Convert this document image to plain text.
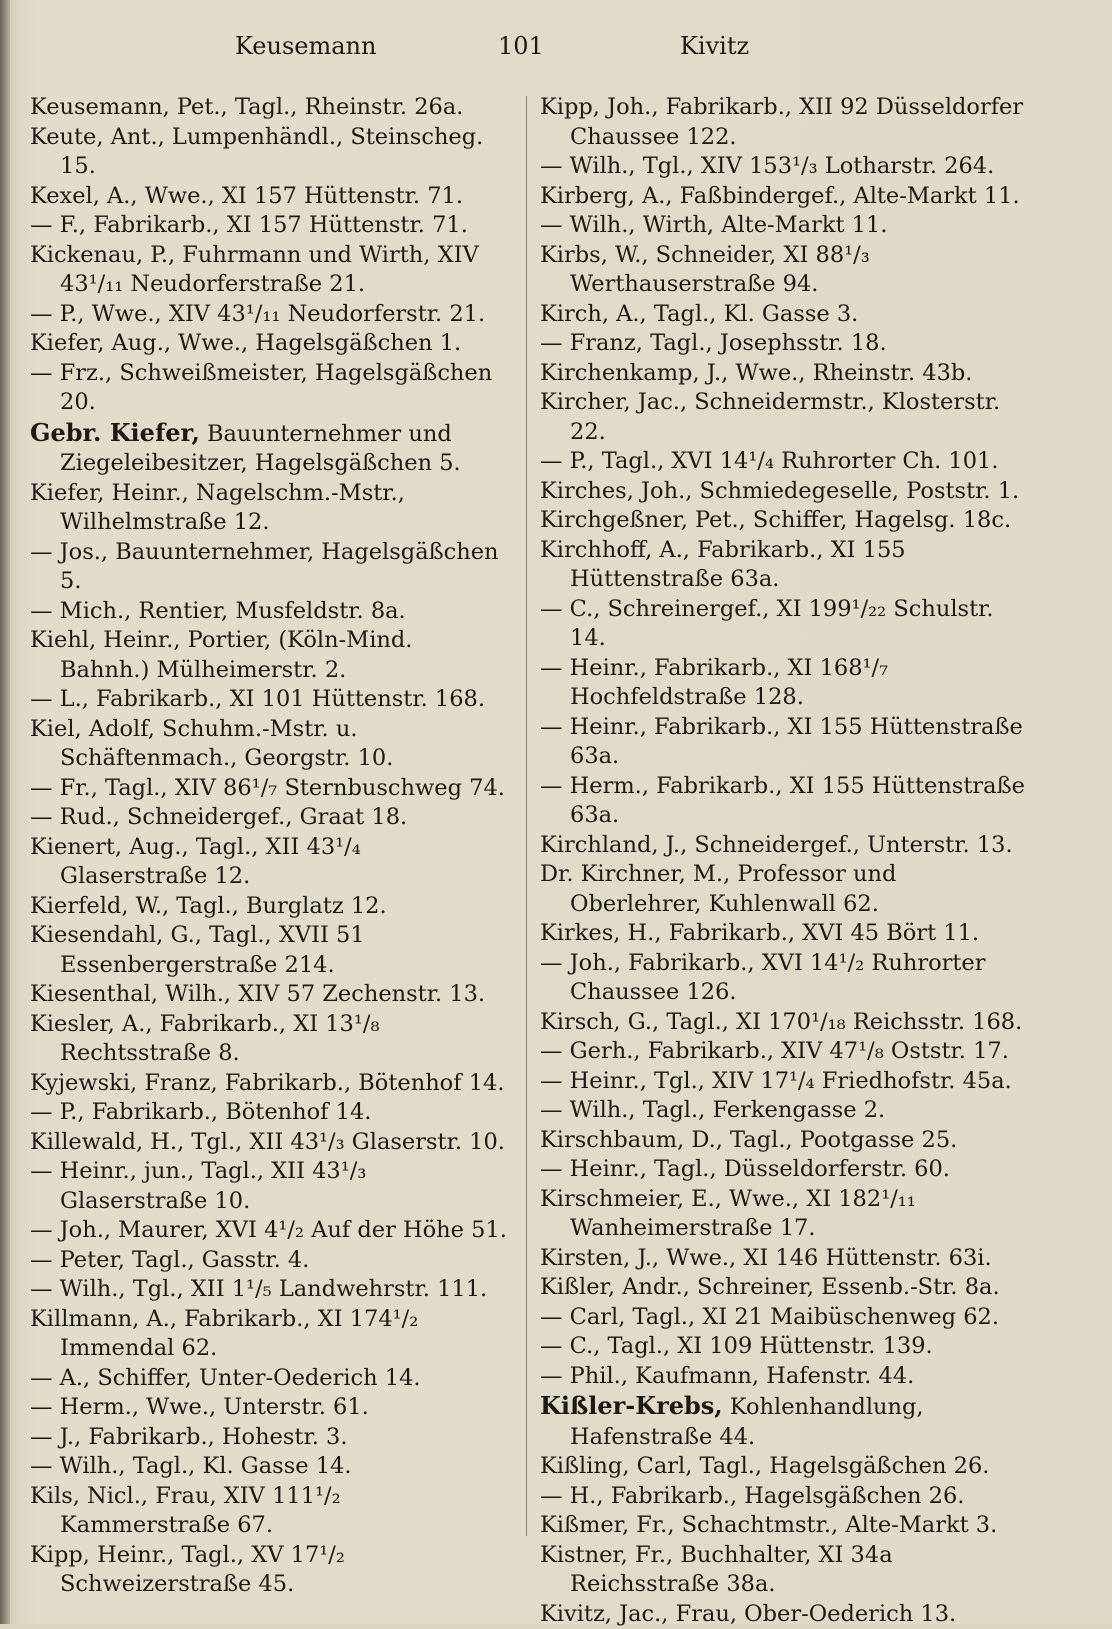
Keusemann	101	Kivitz

Keusemann, Pet., Tagl., Rheinstr. 26a.

Keute, Ant., Lumpenhändl., Steinscheg. 15.

Kexel, A., Wwe., XI 157 Hüttenstr. 71.

— F., Fabrikarb., XI 157 Hüttenstr. 71.

Kickenau, P., Fuhrmann und Wirth, XIV 43¹/₁₁ Neudorferstraße 21.

— P., Wwe., XIV 43¹/₁₁ Neudorferstr. 21.

Kiefer, Aug., Wwe., Hagelsgäßchen 1.

— Frz., Schweißmeister, Hagelsgäßchen 20.

Gebr. Kiefer, Bauunternehmer und Ziegeleibesitzer, Hagelsgäßchen 5.

Kiefer, Heinr., Nagelschm.-Mstr., Wilhelmstraße 12.

— Jos., Bauunternehmer, Hagelsgäßchen 5.

— Mich., Rentier, Musfeldstr. 8a.

Kiehl, Heinr., Portier, (Köln-Mind. Bahnh.) Mülheimerstr. 2.

— L., Fabrikarb., XI 101 Hüttenstr. 168.

Kiel, Adolf, Schuhm.-Mstr. u. Schäftenmach., Georgstr. 10.

— Fr., Tagl., XIV 86¹/₇ Sternbuschweg 74.

— Rud., Schneidergef., Graat 18.

Kienert, Aug., Tagl., XII 43¹/₄ Glaserstraße 12.

Kierfeld, W., Tagl., Burglatz 12.

Kiesendahl, G., Tagl., XVII 51 Essenbergerstraße 214.

Kiesenthal, Wilh., XIV 57 Zechenstr. 13.

Kiesler, A., Fabrikarb., XI 13¹/₈ Rechtsstraße 8.

Kyjewski, Franz, Fabrikarb., Bötenhof 14.

— P., Fabrikarb., Bötenhof 14.

Killewald, H., Tgl., XII 43¹/₃ Glaserstr. 10.

— Heinr., jun., Tagl., XII 43¹/₃ Glaserstraße 10.

— Joh., Maurer, XVI 4¹/₂ Auf der Höhe 51.

— Peter, Tagl., Gasstr. 4.

— Wilh., Tgl., XII 1¹/₅ Landwehrstr. 111.

Killmann, A., Fabrikarb., XI 174¹/₂ Immendal 62.

— A., Schiffer, Unter-Oederich 14.

— Herm., Wwe., Unterstr. 61.

— J., Fabrikarb., Hohestr. 3.

— Wilh., Tagl., Kl. Gasse 14.

Kils, Nicl., Frau, XIV 111¹/₂ Kammerstraße 67.

Kipp, Heinr., Tagl., XV 17¹/₂ Schweizerstraße 45.

Kipp, Joh., Fabrikarb., XII 92 Düsseldorfer Chaussee 122.

— Wilh., Tgl., XIV 153¹/₃ Lotharstr. 264.

Kirberg, A., Faßbindergef., Alte-Markt 11.

— Wilh., Wirth, Alte-Markt 11.

Kirbs, W., Schneider, XI 88¹/₃ Werthauserstraße 94.

Kirch, A., Tagl., Kl. Gasse 3.

— Franz, Tagl., Josephsstr. 18.

Kirchenkamp, J., Wwe., Rheinstr. 43b.

Kircher, Jac., Schneidermstr., Klosterstr. 22.

— P., Tagl., XVI 14¹/₄ Ruhrorter Ch. 101.

Kirches, Joh., Schmiedegeselle, Poststr. 1.

Kirchgeßner, Pet., Schiffer, Hagelsg. 18c.

Kirchhoff, A., Fabrikarb., XI 155 Hüttenstraße 63a.

— C., Schreinergef., XI 199¹/₂₂ Schulstr. 14.

— Heinr., Fabrikarb., XI 168¹/₇ Hochfeldstraße 128.

— Heinr., Fabrikarb., XI 155 Hüttenstraße 63a.

— Herm., Fabrikarb., XI 155 Hüttenstraße 63a.

Kirchland, J., Schneidergef., Unterstr. 13.

Dr. Kirchner, M., Professor und Oberlehrer, Kuhlenwall 62.

Kirkes, H., Fabrikarb., XVI 45 Bört 11.

— Joh., Fabrikarb., XVI 14¹/₂ Ruhrorter Chaussee 126.

Kirsch, G., Tagl., XI 170¹/₁₈ Reichsstr. 168.

— Gerh., Fabrikarb., XIV 47¹/₈ Oststr. 17.

— Heinr., Tgl., XIV 17¹/₄ Friedhofstr. 45a.

— Wilh., Tagl., Ferkengasse 2.

Kirschbaum, D., Tagl., Pootgasse 25.

— Heinr., Tagl., Düsseldorferstr. 60.

Kirschmeier, E., Wwe., XI 182¹/₁₁ Wanheimerstraße 17.

Kirsten, J., Wwe., XI 146 Hüttenstr. 63i.

Kißler, Andr., Schreiner, Essenb.-Str. 8a.

— Carl, Tagl., XI 21 Maibüschenweg 62.

— C., Tagl., XI 109 Hüttenstr. 139.

— Phil., Kaufmann, Hafenstr. 44.

Kißler-Krebs, Kohlenhandlung, Hafenstraße 44.

Kißling, Carl, Tagl., Hagelsgäßchen 26.

— H., Fabrikarb., Hagelsgäßchen 26.

Kißmer, Fr., Schachtmstr., Alte-Markt 3.

Kistner, Fr., Buchhalter, XI 34a Reichsstraße 38a.

Kivitz, Jac., Frau, Ober-Oederich 13.
